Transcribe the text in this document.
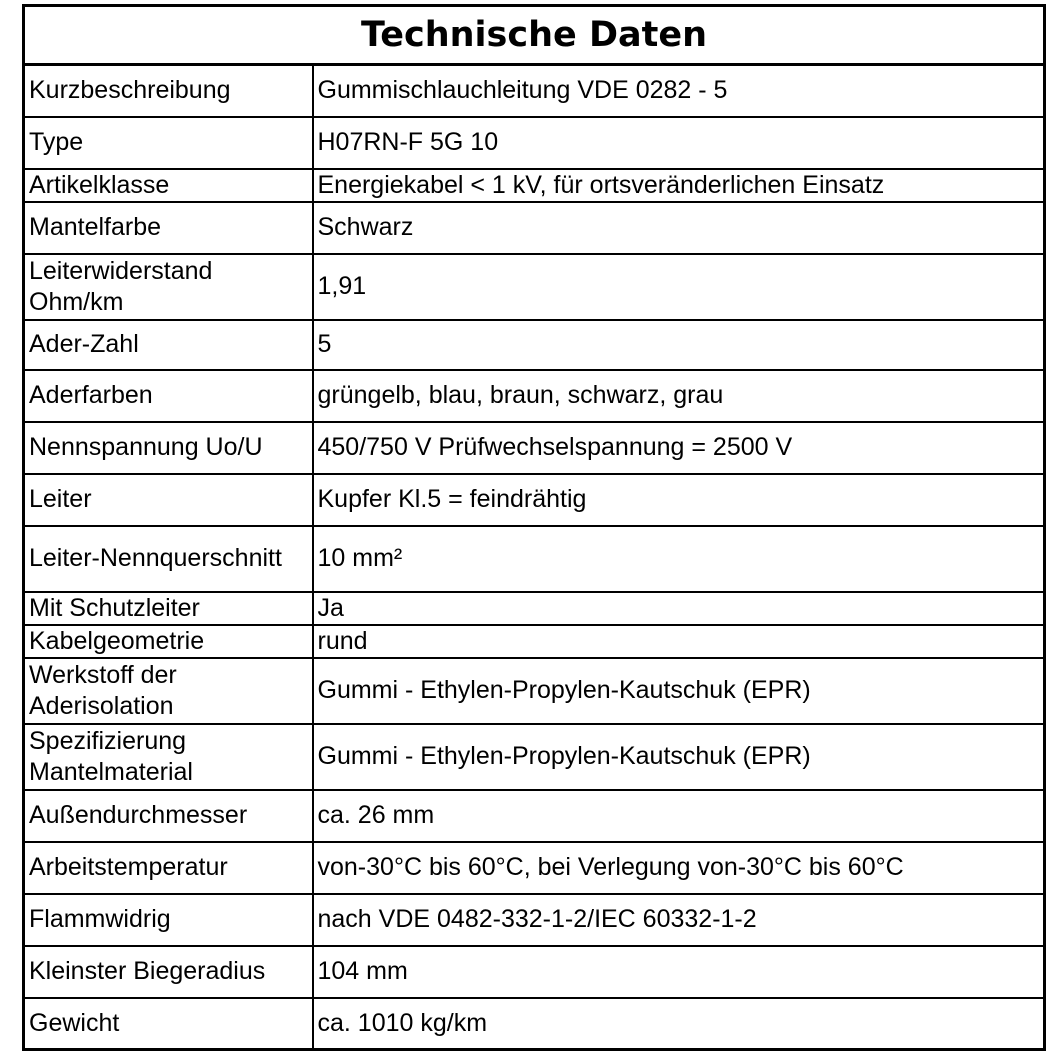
Technische Daten	
Kurzbeschreibung	Gummischlauchleitung VDE 0282 - 5
Type	H07RN-F 5G 10
Artikelklasse	Energiekabel < 1 kV, für ortsveränderlichen Einsatz
Mantelfarbe	Schwarz
Leiterwiderstand Ohm/km	1,91
Ader-Zahl	5
Aderfarben	grüngelb, blau, braun, schwarz, grau
Nennspannung Uo/U	450/750 V Prüfwechselspannung = 2500 V
Leiter	Kupfer Kl.5 = feindrähtig
Leiter-Nennquerschnitt	10 mm²
Mit Schutzleiter	Ja
Kabelgeometrie	rund
Werkstoff der Aderisolation	Gummi - Ethylen-Propylen-Kautschuk (EPR)
Spezifizierung Mantelmaterial	Gummi - Ethylen-Propylen-Kautschuk (EPR)
Außendurchmesser	ca. 26 mm
Arbeitstemperatur	von-30°C bis 60°C, bei Verlegung von-30°C bis 60°C
Flammwidrig	nach VDE 0482-332-1-2/IEC 60332-1-2
Kleinster Biegeradius	104 mm
Gewicht	ca. 1010 kg/km
